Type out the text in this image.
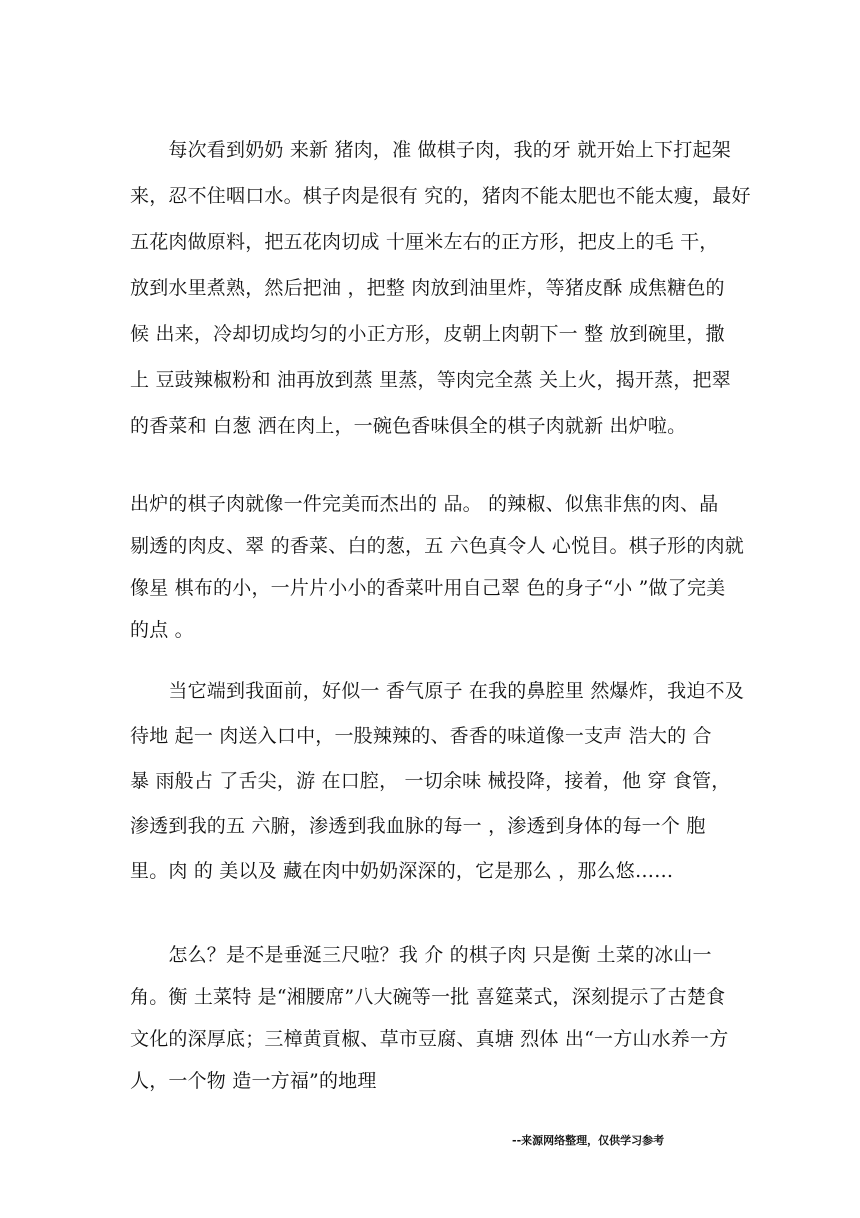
　　每次看到奶奶 来新 猪肉，准 做棋子肉，我的牙 就开始上下打起架
来，忍不住咽口水。棋子肉是很有 究的，猪肉不能太肥也不能太瘦，最好
五花肉做原料，把五花肉切成 十厘米左右的正方形，把皮上的毛 干，
放到水里煮熟，然后把油 ，把整 肉放到油里炸，等猪皮酥 成焦糖色的
候 出来，冷却切成均匀的小正方形，皮朝上肉朝下一 整 放到碗里，撒
上 豆豉辣椒粉和 油再放到蒸 里蒸，等肉完全蒸 关上火，揭开蒸，把翠
的香菜和 白葱 洒在肉上，一碗色香味俱全的棋子肉就新 出炉啦。
出炉的棋子肉就像一件完美而杰出的 品。 的辣椒、似焦非焦的肉、晶
剔透的肉皮、翠 的香菜、白的葱，五 六色真令人 心悦目。棋子形的肉就
像星 棋布的小，一片片小小的香菜叶用自己翠 色的身子“小 ”做了完美
的点 。
　　当它端到我面前，好似一 香气原子 在我的鼻腔里 然爆炸，我迫不及
待地 起一 肉送入口中，一股辣辣的、香香的味道像一支声 浩大的 合
暴 雨般占 了舌尖，游 在口腔， 一切余味 械投降，接着，他 穿 食管，
渗透到我的五 六腑，渗透到我血脉的每一 ，渗透到身体的每一个 胞
里。肉 的 美以及 藏在肉中奶奶深深的，它是那么 ，那么悠……
　　怎么？是不是垂涎三尺啦？我 介 的棋子肉 只是衡 土菜的冰山一
角。衡 土菜特 是“湘腰席”八大碗等一批 喜筵菜式，深刻提示了古楚食
文化的深厚底；三樟黄貢椒、草市豆腐、真塘 烈体 出“一方山水养一方
人，一个物 造一方福”的地理
--来源网络整理，仅供学习参考
